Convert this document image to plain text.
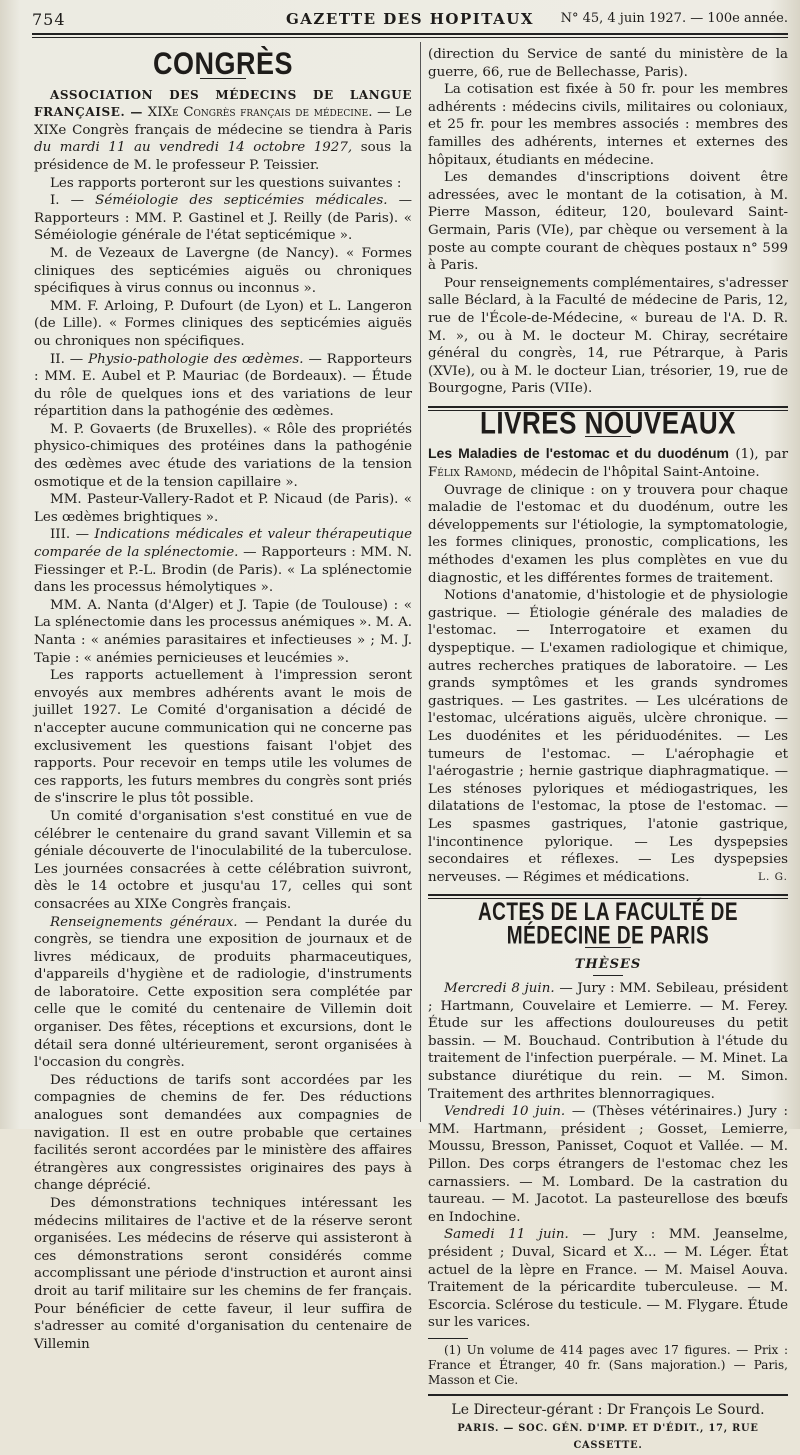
754	GAZETTE DES HOPITAUX	N° 45, 4 juin 1927. — 100e année.
CONGRÈS

ASSOCIATION DES MÉDECINS DE LANGUE FRANÇAISE. — XIXe Congrès français de médecine. — Le XIXe Congrès français de médecine se tiendra à Paris du mardi 11 au vendredi 14 octobre 1927, sous la présidence de M. le professeur P. Teissier.

Les rapports porteront sur les questions suivantes :

I. — Séméiologie des septicémies médicales. — Rapporteurs : MM. P. Gastinel et J. Reilly (de Paris). « Séméiologie générale de l'état septicémique ».

M. de Vezeaux de Lavergne (de Nancy). « Formes cliniques des septicémies aiguës ou chroniques spécifiques à virus connus ou inconnus ».

MM. F. Arloing, P. Dufourt (de Lyon) et L. Langeron (de Lille). « Formes cliniques des septicémies aiguës ou chroniques non spécifiques.

II. — Physio-pathologie des œdèmes. — Rapporteurs : MM. E. Aubel et P. Mauriac (de Bordeaux). — Étude du rôle de quelques ions et des variations de leur répartition dans la pathogénie des œdèmes.

M. P. Govaerts (de Bruxelles). « Rôle des propriétés physico-chimiques des protéines dans la pathogénie des œdèmes avec étude des variations de la tension osmotique et de la tension capillaire ».

MM. Pasteur-Vallery-Radot et P. Nicaud (de Paris). « Les œdèmes brightiques ».

III. — Indications médicales et valeur thérapeutique comparée de la splénectomie. — Rapporteurs : MM. N. Fiessinger et P.-L. Brodin (de Paris). « La splénectomie dans les processus hémolytiques ».

MM. A. Nanta (d'Alger) et J. Tapie (de Toulouse) : « La splénectomie dans les processus anémiques ». M. A. Nanta : « anémies parasitaires et infectieuses » ; M. J. Tapie : « anémies pernicieuses et leucémies ».

Les rapports actuellement à l'impression seront envoyés aux membres adhérents avant le mois de juillet 1927. Le Comité d'organisation a décidé de n'accepter aucune communication qui ne concerne pas exclusivement les questions faisant l'objet des rapports. Pour recevoir en temps utile les volumes de ces rapports, les futurs membres du congrès sont priés de s'inscrire le plus tôt possible.

Un comité d'organisation s'est constitué en vue de célébrer le centenaire du grand savant Villemin et sa géniale découverte de l'inoculabilité de la tuberculose. Les journées consacrées à cette célébration suivront, dès le 14 octobre et jusqu'au 17, celles qui sont consacrées au XIXe Congrès français.

Renseignements généraux. — Pendant la durée du congrès, se tiendra une exposition de journaux et de livres médicaux, de produits pharmaceutiques, d'appareils d'hygiène et de radiologie, d'instruments de laboratoire. Cette exposition sera complétée par celle que le comité du centenaire de Villemin doit organiser. Des fêtes, réceptions et excursions, dont le détail sera donné ultérieurement, seront organisées à l'occasion du congrès.

Des réductions de tarifs sont accordées par les compagnies de chemins de fer. Des réductions analogues sont demandées aux compagnies de navigation. Il est en outre probable que certaines facilités seront accordées par le ministère des affaires étrangères aux congressistes originaires des pays à change déprécié.

Des démonstrations techniques intéressant les médecins militaires de l'active et de la réserve seront organisées. Les médecins de réserve qui assisteront à ces démonstrations seront considérés comme accomplissant une période d'instruction et auront ainsi droit au tarif militaire sur les chemins de fer français. Pour bénéficier de cette faveur, il leur suffira de s'adresser au comité d'organisation du centenaire de Villemin

(direction du Service de santé du ministère de la guerre, 66, rue de Bellechasse, Paris).

La cotisation est fixée à 50 fr. pour les membres adhérents : médecins civils, militaires ou coloniaux, et 25 fr. pour les membres associés : membres des familles des adhérents, internes et externes des hôpitaux, étudiants en médecine.

Les demandes d'inscriptions doivent être adressées, avec le montant de la cotisation, à M. Pierre Masson, éditeur, 120, boulevard Saint-Germain, Paris (VIe), par chèque ou versement à la poste au compte courant de chèques postaux n° 599 à Paris.

Pour renseignements complémentaires, s'adresser salle Béclard, à la Faculté de médecine de Paris, 12, rue de l'École-de-Médecine, « bureau de l'A. D. R. M. », ou à M. le docteur M. Chiray, secrétaire général du congrès, 14, rue Pétrarque, à Paris (XVIe), ou à M. le docteur Lian, trésorier, 19, rue de Bourgogne, Paris (VIIe).

LIVRES NOUVEAUX

Les Maladies de l'estomac et du duodénum (1), par Félix Ramond, médecin de l'hôpital Saint-Antoine.

Ouvrage de clinique : on y trouvera pour chaque maladie de l'estomac et du duodénum, outre les développements sur l'étiologie, la symptomatologie, les formes cliniques, pronostic, complications, les méthodes d'examen les plus complètes en vue du diagnostic, et les différentes formes de traitement.

Notions d'anatomie, d'histologie et de physiologie gastrique. — Étiologie générale des maladies de l'estomac. — Interrogatoire et examen du dyspeptique. — L'examen radiologique et chimique, autres recherches pratiques de laboratoire. — Les grands symptômes et les grands syndromes gastriques. — Les gastrites. — Les ulcérations de l'estomac, ulcérations aiguës, ulcère chronique. — Les duodénites et les périduodénites. — Les tumeurs de l'estomac. — L'aérophagie et l'aérogastrie ; hernie gastrique diaphragmatique. — Les sténoses pyloriques et médiogastriques, les dilatations de l'estomac, la ptose de l'estomac. — Les spasmes gastriques, l'atonie gastrique, l'incontinence pylorique. — Les dyspepsies secondaires et réflexes. — Les dyspepsies nerveuses. — Régimes et médications.	L. G.

ACTES DE LA FACULTÉ DE MÉDECINE DE PARIS
THÈSES

Mercredi 8 juin. — Jury : MM. Sebileau, président ; Hartmann, Couvelaire et Lemierre. — M. Ferey. Étude sur les affections douloureuses du petit bassin. — M. Bouchaud. Contribution à l'étude du traitement de l'infection puerpérale. — M. Minet. La substance diurétique du rein. — M. Simon. Traitement des arthrites blennorragiques.

Vendredi 10 juin. — (Thèses vétérinaires.) Jury : MM. Hartmann, président ; Gosset, Lemierre, Moussu, Bresson, Panisset, Coquot et Vallée. — M. Pillon. Des corps étrangers de l'estomac chez les carnassiers. — M. Lombard. De la castration du taureau. — M. Jacotot. La pasteurellose des bœufs en Indochine.

Samedi 11 juin. — Jury : MM. Jeanselme, président ; Duval, Sicard et X... — M. Léger. État actuel de la lèpre en France. — M. Maisel Aouva. Traitement de la péricardite tuberculeuse. — M. Escorcia. Sclérose du testicule. — M. Flygare. Étude sur les varices.

(1) Un volume de 414 pages avec 17 figures. — Prix : France et Étranger, 40 fr. (Sans majoration.) — Paris, Masson et Cie.

Le Directeur-gérant : Dr François Le Sourd.
PARIS. — SOC. GÉN. D'IMP. ET D'ÉDIT., 17, RUE CASSETTE.
